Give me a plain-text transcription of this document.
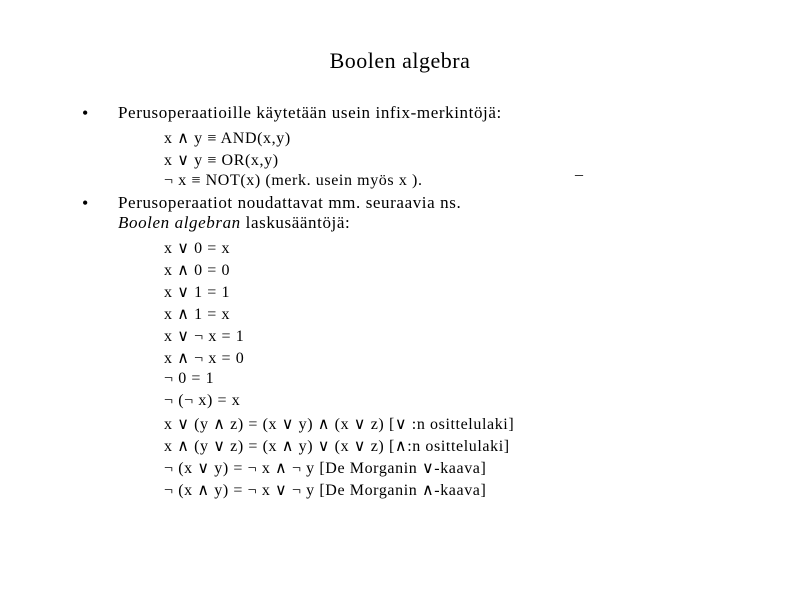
Boolen algebra
• Perusoperaatioille käytetään usein infix-merkintöjä:
x ∧ y ≡ AND(x,y)
x ∨ y ≡ OR(x,y)
¬ x ≡ NOT(x) (merk. usein myös x ).
_
• Perusoperaatiot noudattavat mm. seuraavia ns.
Boolen algebran laskusääntöjä:
x ∨ 0 = x
x ∧ 0 = 0
x ∨ 1 = 1
x ∧ 1 = x
x ∨ ¬ x = 1
x ∧ ¬ x = 0
¬ 0 = 1
¬ (¬ x) = x
x ∨ (y ∧ z) = (x ∨ y) ∧ (x ∨ z) [∨ :n osittelulaki]
x ∧ (y ∨ z) = (x ∧ y) ∨ (x ∨ z) [∧:n osittelulaki]
¬ (x ∨ y) = ¬ x ∧ ¬ y [De Morganin ∨-kaava]
¬ (x ∧ y) = ¬ x ∨ ¬ y [De Morganin ∧-kaava]
